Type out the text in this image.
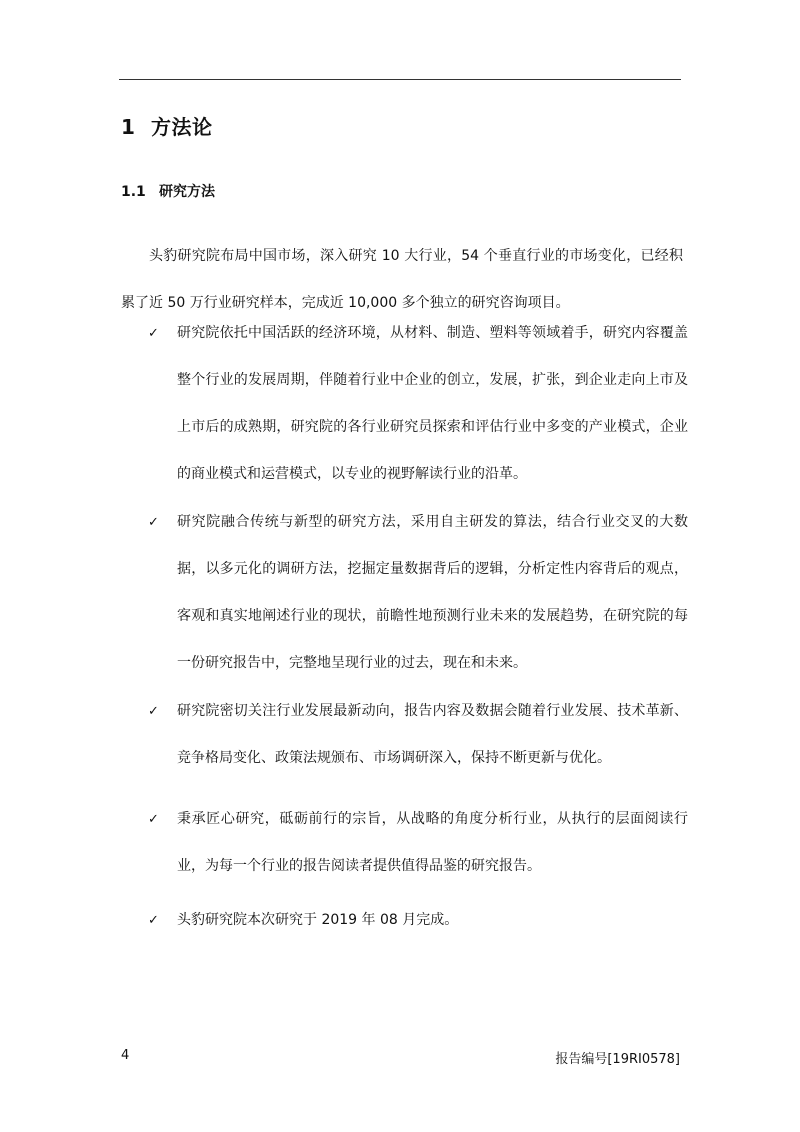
1 方法论
1.1 研究方法
头豹研究院布局中国市场，深入研究 10 大行业，54 个垂直行业的市场变化，已经积累了近 50 万行业研究样本，完成近 10,000 多个独立的研究咨询项目。
✓	研究院依托中国活跃的经济环境，从材料、制造、塑料等领域着手，研究内容覆盖整个行业的发展周期，伴随着行业中企业的创立，发展，扩张，到企业走向上市及上市后的成熟期，研究院的各行业研究员探索和评估行业中多变的产业模式，企业的商业模式和运营模式，以专业的视野解读行业的沿革。
✓	研究院融合传统与新型的研究方法，采用自主研发的算法，结合行业交叉的大数据，以多元化的调研方法，挖掘定量数据背后的逻辑，分析定性内容背后的观点，客观和真实地阐述行业的现状，前瞻性地预测行业未来的发展趋势，在研究院的每一份研究报告中，完整地呈现行业的过去，现在和未来。
✓	研究院密切关注行业发展最新动向，报告内容及数据会随着行业发展、技术革新、竞争格局变化、政策法规颁布、市场调研深入，保持不断更新与优化。
✓	秉承匠心研究，砥砺前行的宗旨，从战略的角度分析行业，从执行的层面阅读行业，为每一个行业的报告阅读者提供值得品鉴的研究报告。
✓	头豹研究院本次研究于 2019 年 08 月完成。
4	报告编号[19RI0578]
